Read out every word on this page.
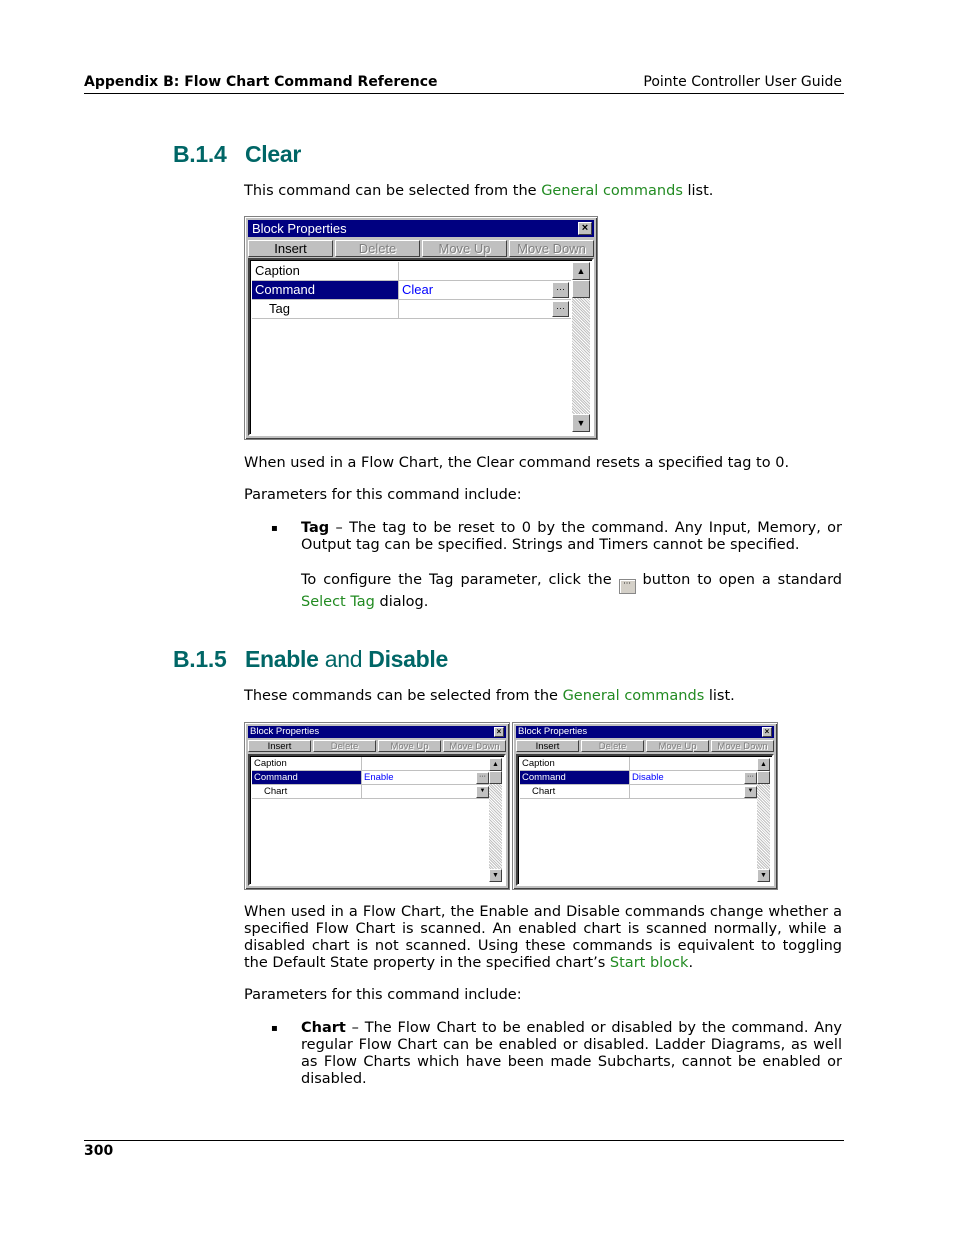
Appendix B: Flow Chart Command Reference	Pointe Controller User Guide
B.1.4 Clear
This command can be selected from the General commands list.
Block Properties	×
Insert	Delete	Move Up	Move Down
Caption
Command	Clear	···
Tag	···
▲
▼
When used in a Flow Chart, the Clear command resets a specified tag to 0.
Parameters for this command include:
▪ Tag – The tag to be reset to 0 by the command. Any Input, Memory, or Output tag can be specified. Strings and Timers cannot be specified.
To configure the Tag parameter, click the ··· button to open a standard Select Tag dialog.
B.1.5 Enable and Disable
These commands can be selected from the General commands list.
Block Properties	×
Insert	Delete	Move Up	Move Down
Caption
Command	Enable	···
Chart	▼
▲
▼
Block Properties	×
Insert	Delete	Move Up	Move Down
Caption
Command	Disable	···
Chart	▼
▲
▼
When used in a Flow Chart, the Enable and Disable commands change whether a specified Flow Chart is scanned. An enabled chart is scanned normally, while a disabled chart is not scanned. Using these commands is equivalent to toggling the Default State property in the specified chart’s Start block.
Parameters for this command include:
▪ Chart – The Flow Chart to be enabled or disabled by the command. Any regular Flow Chart can be enabled or disabled. Ladder Diagrams, as well as Flow Charts which have been made Subcharts, cannot be enabled or disabled.
300
